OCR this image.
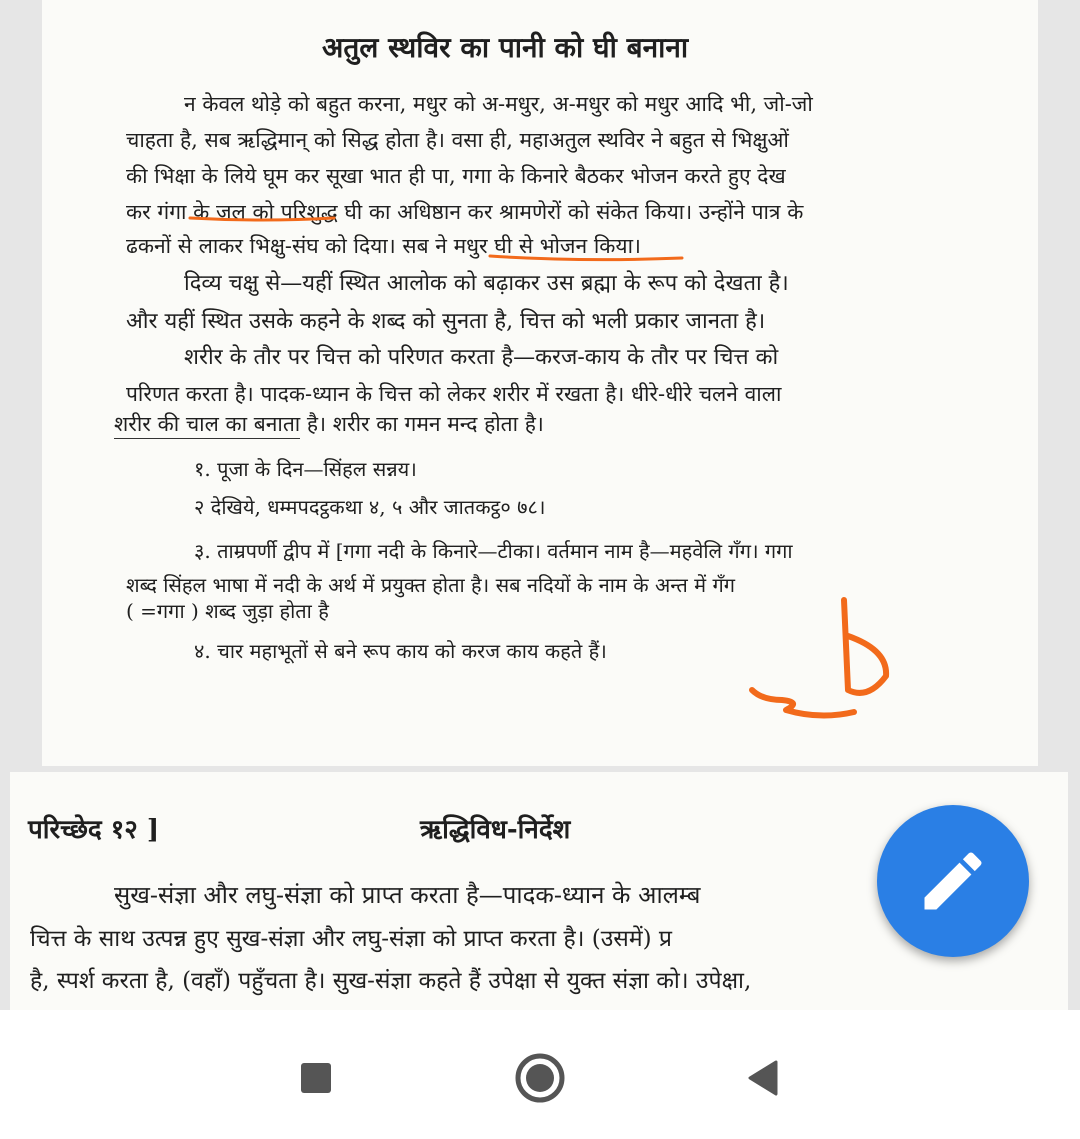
अतुल स्थविर का पानी को घी बनाना
न केवल थोड़े को बहुत करना, मधुर को अ-मधुर, अ-मधुर को मधुर आदि भी, जो-जो
चाहता है, सब ऋद्धिमान् को सिद्ध होता है। वसा ही, महाअतुल स्थविर ने बहुत से भिक्षुओं
की भिक्षा के लिये घूम कर सूखा भात ही पा, गगा के किनारे बैठकर भोजन करते हुए देख
कर गंगा के जल को परिशुद्ध घी का अधिष्ठान कर श्रामणेरों को संकेत किया। उन्होंने पात्र के
ढकनों से लाकर भिक्षु-संघ को दिया। सब ने मधुर घी से भोजन किया।
दिव्य चक्षु से—यहीं स्थित आलोक को बढ़ाकर उस ब्रह्मा के रूप को देखता है।
और यहीं स्थित उसके कहने के शब्द को सुनता है, चित्त को भली प्रकार जानता है।
शरीर के तौर पर चित्त को परिणत करता है—करज-काय के तौर पर चित्त को
परिणत करता है। पादक-ध्यान के चित्त को लेकर शरीर में रखता है। धीरे-धीरे चलने वाला
शरीर की चाल का बनाता है। शरीर का गमन मन्द होता है।
१. पूजा के दिन—सिंहल सन्नय।
२ देखिये, धम्मपदट्ठकथा ४, ५ और जातकट्ठ० ७८।
३. ताम्रपर्णी द्वीप में [गगा नदी के किनारे—टीका। वर्तमान नाम है—महवेलि गँग। गगा
शब्द सिंहल भाषा में नदी के अर्थ में प्रयुक्त होता है। सब नदियों के नाम के अन्त में गँग
( =गगा ) शब्द जुड़ा होता है
४. चार महाभूतों से बने रूप काय को करज काय कहते हैं।
परिच्छेद १२ ]	ऋद्धिविध-निर्देश
सुख-संज्ञा और लघु-संज्ञा को प्राप्त करता है—पादक-ध्यान के आलम्ब
चित्त के साथ उत्पन्न हुए सुख-संज्ञा और लघु-संज्ञा को प्राप्त करता है। (उसमें) प्र
है, स्पर्श करता है, (वहाँ) पहुँचता है। सुख-संज्ञा कहते हैं उपेक्षा से युक्त संज्ञा को। उपेक्षा,
